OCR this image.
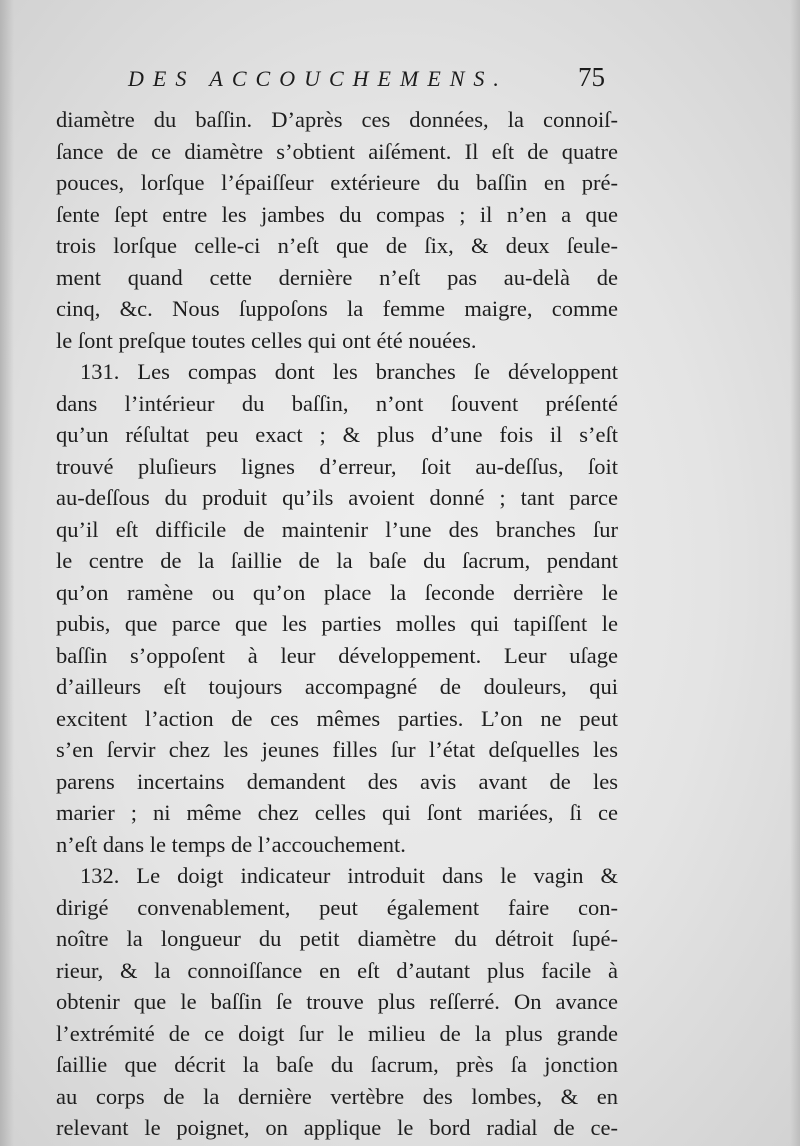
DES ACCOUCHEMENS.	75
diamètre du baſſin. D’après ces données, la connoiſ-
ſance de ce diamètre s’obtient aiſément. Il eſt de quatre
pouces, lorſque l’épaiſſeur extérieure du baſſin en pré-
ſente ſept entre les jambes du compas ; il n’en a que
trois lorſque celle-ci n’eſt que de ſix, & deux ſeule-
ment quand cette dernière n’eſt pas au-delà de
cinq, &c. Nous ſuppoſons la femme maigre, comme
le ſont preſque toutes celles qui ont été nouées.
131. Les compas dont les branches ſe développent
dans l’intérieur du baſſin, n’ont ſouvent préſenté
qu’un réſultat peu exact ; & plus d’une fois il s’eſt
trouvé pluſieurs lignes d’erreur, ſoit au-deſſus, ſoit
au-deſſous du produit qu’ils avoient donné ; tant parce
qu’il eſt difficile de maintenir l’une des branches ſur
le centre de la ſaillie de la baſe du ſacrum, pendant
qu’on ramène ou qu’on place la ſeconde derrière le
pubis, que parce que les parties molles qui tapiſſent le
baſſin s’oppoſent à leur développement. Leur uſage
d’ailleurs eſt toujours accompagné de douleurs, qui
excitent l’action de ces mêmes parties. L’on ne peut
s’en ſervir chez les jeunes filles ſur l’état deſquelles les
parens incertains demandent des avis avant de les
marier ; ni même chez celles qui ſont mariées, ſi ce
n’eſt dans le temps de l’accouchement.
132. Le doigt indicateur introduit dans le vagin &
dirigé convenablement, peut également faire con-
noître la longueur du petit diamètre du détroit ſupé-
rieur, & la connoiſſance en eſt d’autant plus facile à
obtenir que le baſſin ſe trouve plus reſſerré. On avance
l’extrémité de ce doigt ſur le milieu de la plus grande
ſaillie que décrit la baſe du ſacrum, près ſa jonction
au corps de la dernière vertèbre des lombes, & en
relevant le poignet, on applique le bord radial de ce-
